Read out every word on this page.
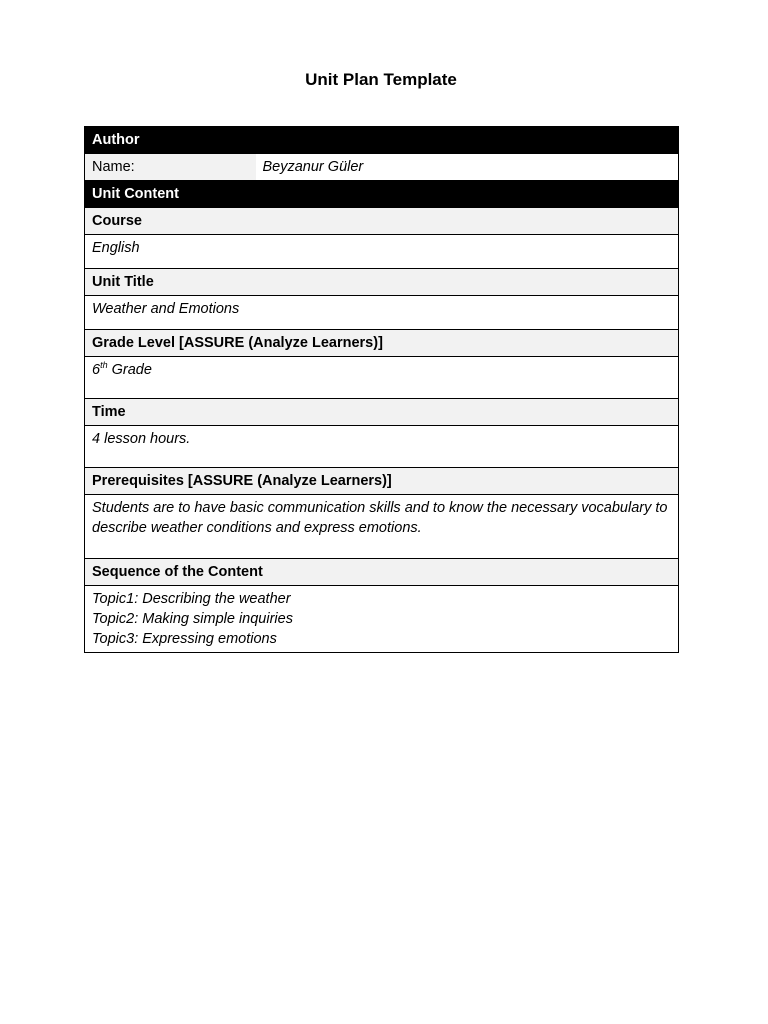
Unit Plan Template
Author
Name:	Beyzanur Güler
Unit Content
Course
English
Unit Title
Weather and Emotions
Grade Level [ASSURE (Analyze Learners)]
6th Grade
Time
4 lesson hours.
Prerequisites [ASSURE (Analyze Learners)]
Students are to have basic communication skills and to know the necessary vocabulary to describe weather conditions and express emotions.
Sequence of the Content

Topic1: Describing the weather
Topic2: Making simple inquiries
Topic3: Expressing emotions
